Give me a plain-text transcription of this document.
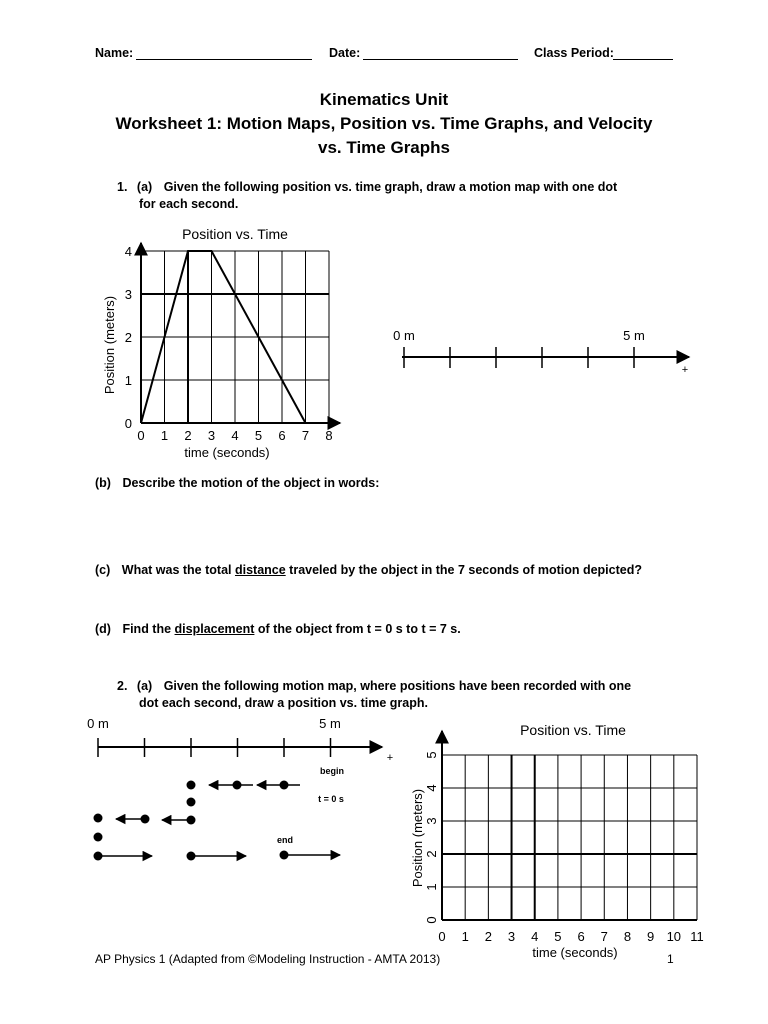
Name:	Date:	Class Period:
Kinematics Unit
Worksheet 1: Motion Maps, Position vs. Time Graphs, and Velocity
vs. Time Graphs
1. (a) Given the following position vs. time graph, draw a motion map with one dot
for each second.
(b) Describe the motion of the object in words:
(c) What was the total distance traveled by the object in the 7 seconds of motion depicted?
(d) Find the displacement of the object from t = 0 s to t = 7 s.
2. (a) Given the following motion map, where positions have been recorded with one
dot each second, draw a position vs. time graph.
Position vs. Time
0 1 2 3 4 5 6 7 8
0
1
2
3
4
time (seconds)
Position (meters)	0 m	5 m
+
0 m	5 m
+
begin
t = 0 s
end
Position vs. Time
0 1 2 3 4 5 6 7 8 9 10 11
0
1
2
3
4
5
time (seconds)
Position (meters)
AP Physics 1 (Adapted from ©Modeling Instruction - AMTA 2013)	1
